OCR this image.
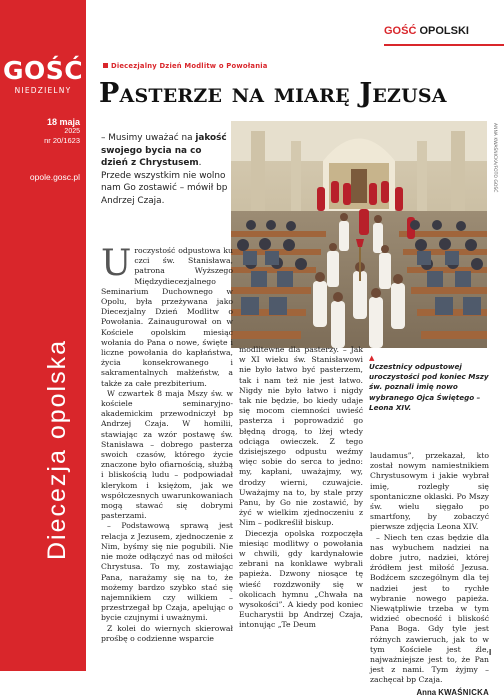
GOŚĆ
NIEDZIELNY
18 maja
2025
nr 20/1623
opole.gosc.pl
Diecezja opolska
GOŚĆ OPOLSKI
Diecezjalny Dzień Modlitw o Powołania
Pasterze na miarę Jezusa
– Musimy uważać na jakość swojego bycia na co dzień z Chrystusem. Przede wszystkim nie wolno nam Go zostawić – mówił bp Andrzej Czaja.
ANNA KWAŚNICKA/FOTO GOŚĆ
▲
Uczestnicy odpustowej uroczystości pod koniec Mszy św. poznali imię nowo wybranego Ojca Świętego – Leona XIV.

Uroczystość odpustowa ku czci św. Stanisława, patrona Wyższego Międzydiecezjalnego Seminarium Duchownego w Opolu, była przeżywana jako Diecezjalny Dzień Modlitw o Powołania. Zainaugurował on w Kościele opolskim miesiąc wołania do Pana o nowe, święte i liczne powołania do kapłaństwa, życia konsekrowanego i sakramentalnych małżeństw, a także za całe prezbiterium.

W czwartek 8 maja Mszy św. w kościele seminaryjno-akademickim przewodniczył bp Andrzej Czaja. W homilii, stawiając za wzór postawę św. Stanisława – dobrego pasterza swoich czasów, którego życie znaczone było ofiarnością, służbą i bliskością ludu – podpowiadał klerykom i księżom, jak we współczesnych uwarunkowaniach mogą stawać się dobrymi pasterzami.

– Podstawową sprawą jest relacja z Jezusem, zjednoczenie z Nim, byśmy się nie pogubili. Nie nie może odłączyć nas od miłości Chrystusa. To my, zostawiając Pana, narażamy się na to, że możemy bardzo szybko stać się najemnikiem czy wilkiem – przestrzegał bp Czaja, apelując o bycie czujnymi i uważnymi.

Z kolei do wiernych skierował prośbę o codzienne wsparcie

modlitewne dla pasterzy. – Jak w XI wieku św. Stanisławowi nie było łatwo być pasterzem, tak i nam też nie jest łatwo. Nigdy nie było łatwo i nigdy tak nie będzie, bo kiedy udaje się mocom ciemności uwieść pasterza i poprowadzić go błędną drogą, to lżej wtedy odciąga owieczek. Z tego dzisiejszego odpustu weźmy więc sobie do serca to jedno: my, kapłani, uważajmy, wy, drodzy wierni, czuwajcie. Uważajmy na to, by stale przy Panu, by Go nie zostawić, by żyć w wielkim zjednoczeniu z Nim – podkreślił biskup.

Diecezja opolska rozpoczęła miesiąc modlitwy o powołania w chwili, gdy kardynałowie zebrani na konklawe wybrali papieża. Dzwony niosące tę wieść rozdzwoniły się w okolicach hymnu „Chwała na wysokości”. A kiedy pod koniec Eucharystii bp Andrzej Czaja, intonując „Te Deum

laudamus”, przekazał, kto został nowym namiestnikiem Chrystusowym i jakie wybrał imię, rozległy się spontaniczne oklaski. Po Mszy św. wielu sięgało po smartfony, by zobaczyć pierwsze zdjęcia Leona XIV.

– Niech ten czas będzie dla nas wybuchem nadziei na dobre jutro, nadziei, której źródłem jest miłość Jezusa. Bodźcem szczególnym dla tej nadziei jest to rychłe wybranie nowego papieża. Niewątpliwie trzeba w tym widzieć obecność i bliskość Pana Boga. Gdy tyle jest różnych zawieruch, jak to w tym Kościele jest źle, najważniejsze jest to, że Pan jest z nami. Tym żyjmy – zachęcał bp Czaja.

Anna KWAŚNICKA
I
